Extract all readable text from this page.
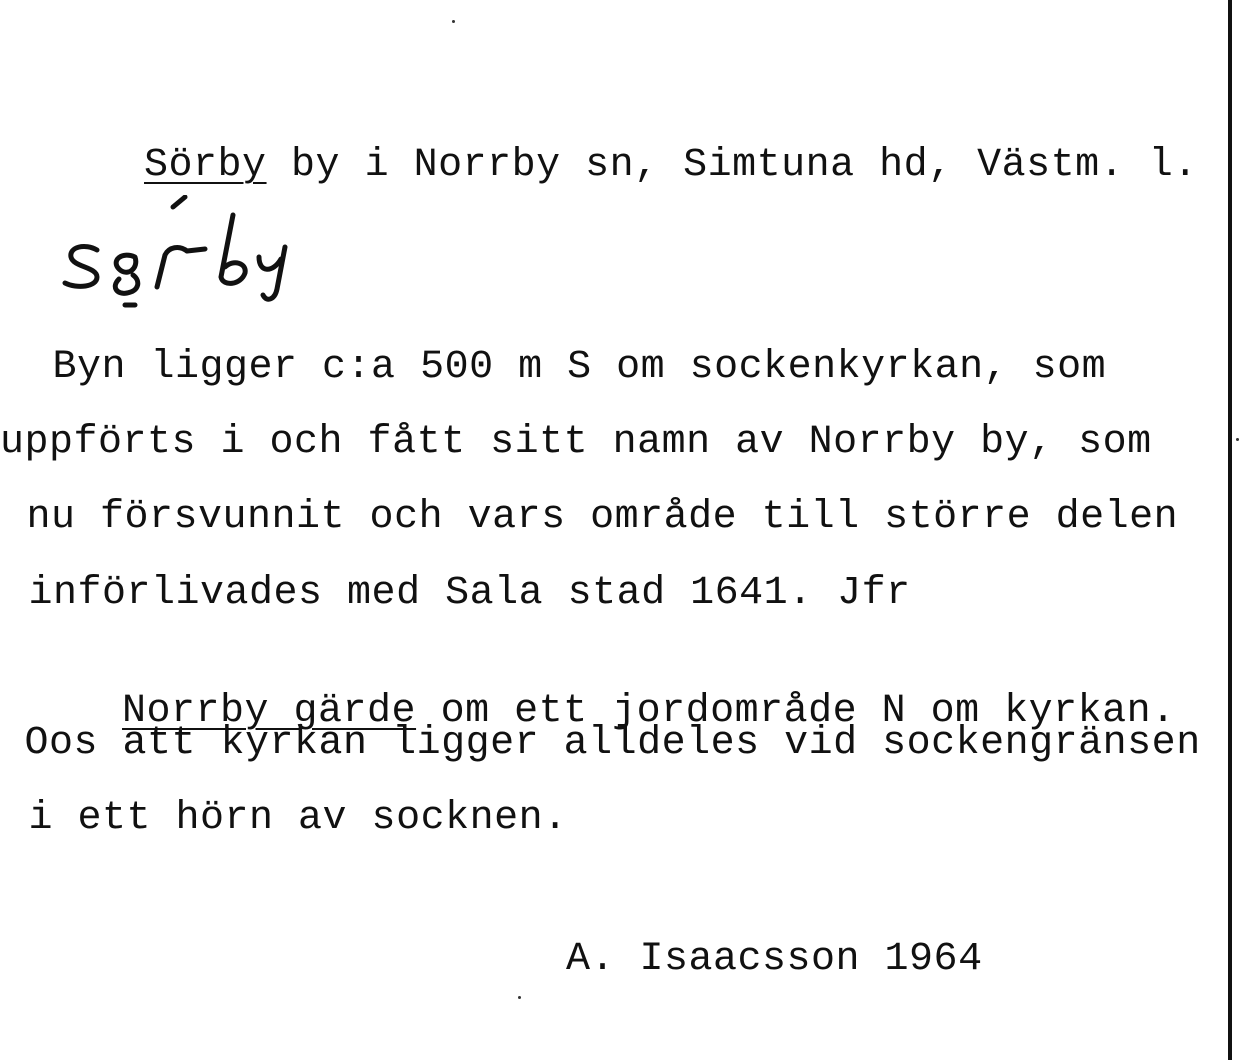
Sörby by i Norrby sn, Simtuna hd, Västm. l.

Byn ligger c:a 500 m S om sockenkyrkan, som
uppförts i och fått sitt namn av Norrby by, som
nu försvunnit och vars område till större delen
införlivades med Sala stad 1641. Jfr

Norrby gärde om ett jordområde N om kyrkan.

Oos att kyrkan ligger alldeles vid sockengränsen
i ett hörn av socknen.
A. Isaacsson 1964
